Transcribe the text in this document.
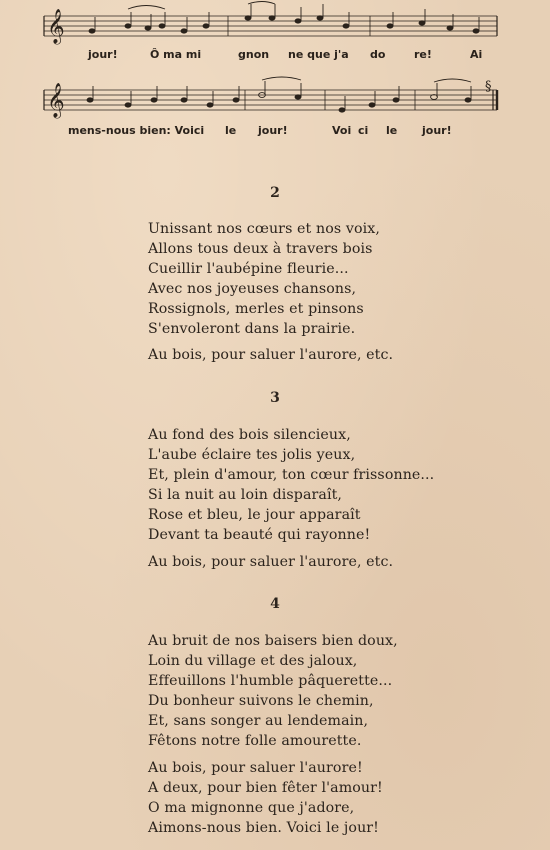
𝄞
𝄞	§
jour!	Ô ma mi	gnon ne que j'a do	re!	Ai
mens-nous bien: Voici le jour!	Voi ci le jour!
2
Unissant nos cœurs et nos voix,
Allons tous deux à travers bois
Cueillir l'aubépine fleurie...
Avec nos joyeuses chansons,
Rossignols, merles et pinsons
S'envoleront dans la prairie.
Au bois, pour saluer l'aurore, etc.
3
Au fond des bois silencieux,
L'aube éclaire tes jolis yeux,
Et, plein d'amour, ton cœur frissonne...
Si la nuit au loin disparaît,
Rose et bleu, le jour apparaît
Devant ta beauté qui rayonne!
Au bois, pour saluer l'aurore, etc.
4
Au bruit de nos baisers bien doux,
Loin du village et des jaloux,
Effeuillons l'humble pâquerette...
Du bonheur suivons le chemin,
Et, sans songer au lendemain,
Fêtons notre folle amourette.
Au bois, pour saluer l'aurore!
A deux, pour bien fêter l'amour!
O ma mignonne que j'adore,
Aimons-nous bien. Voici le jour!
